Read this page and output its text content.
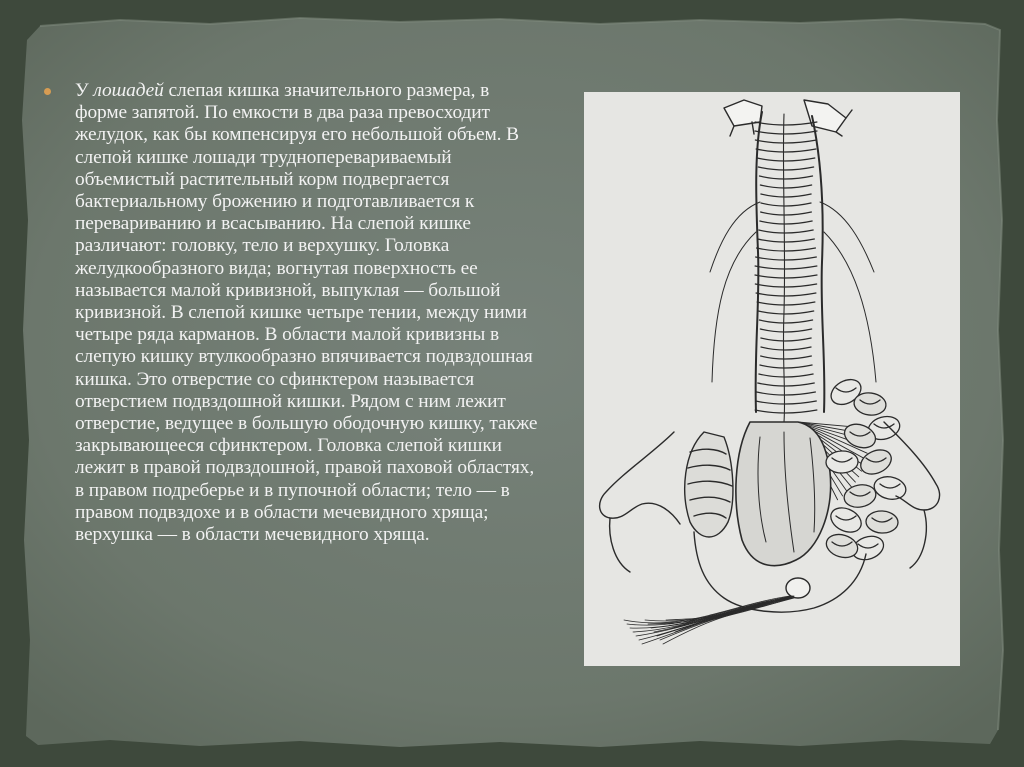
У лошадей слепая кишка значительного размера, в форме запятой. По емкости в два раза превосходит желудок, как бы компенсируя его небольшой объем. В слепой кишке лошади трудноперевариваемый объемистый растительный корм подвергается бактериальному брожению и подготавливается к перевариванию и всасыванию. На слепой кишке различают: головку, тело и верхушку. Головка желудкообразного вида; вогнутая поверхность ее называется малой кривизной, выпуклая — большой кривизной. В слепой кишке четыре тении, между ними четыре ряда карманов. В области малой кривизны в слепую кишку втулкообразно впячивается подвздошная кишка. Это отверстие со сфинктером называется отверстием подвздошной кишки. Рядом с ним лежит отверстие, ведущее в большую ободочную кишку, также закрывающееся сфинктером. Головка слепой кишки лежит в правой подвздошной, правой паховой областях, в правом подреберье и в пупочной области; тело — в правом подвздохе и в области мечевидного хряща; верхушка — в области мечевидного хряща.
